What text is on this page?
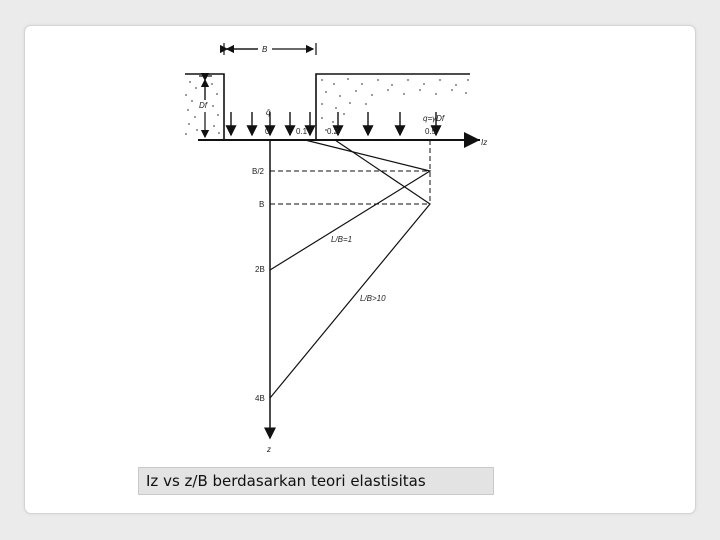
B
Df
q̄
q=γDf
Iz
0	0.1 0.2	0.5
z
B/2
B
2B
4B
L/B=1
L/B>10
Iz vs z/B berdasarkan teori elastisitas
